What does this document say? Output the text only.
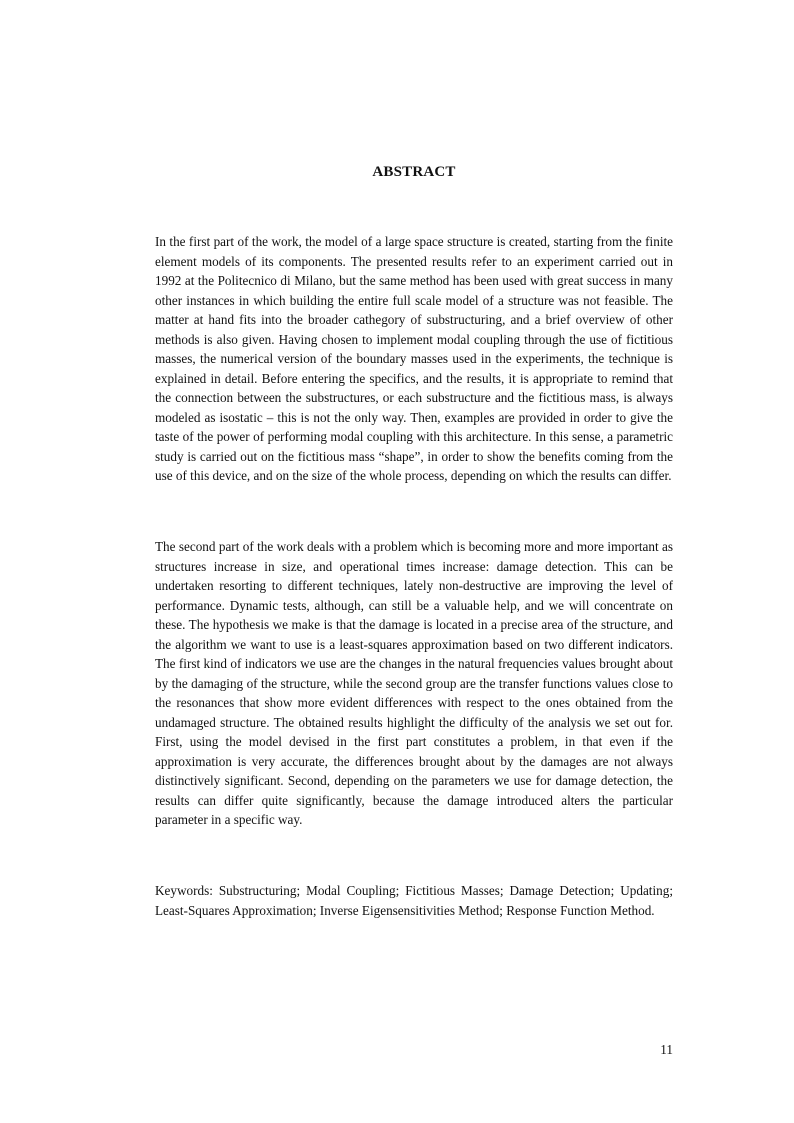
ABSTRACT

In the first part of the work, the model of a large space structure is created, starting from the finite element models of its components. The presented results refer to an experiment carried out in 1992 at the Politecnico di Milano, but the same method has been used with great success in many other instances in which building the entire full scale model of a structure was not feasible. The matter at hand fits into the broader cathegory of substructuring, and a brief overview of other methods is also given. Having chosen to implement modal coupling through the use of fictitious masses, the numerical version of the boundary masses used in the experiments, the technique is explained in detail. Before entering the specifics, and the results, it is appropriate to remind that the connection between the substructures, or each substructure and the fictitious mass, is always modeled as isostatic – this is not the only way. Then, examples are provided in order to give the taste of the power of performing modal coupling with this architecture. In this sense, a parametric study is carried out on the fictitious mass “shape”, in order to show the benefits coming from the use of this device, and on the size of the whole process, depending on which the results can differ.

The second part of the work deals with a problem which is becoming more and more important as structures increase in size, and operational times increase: damage detection. This can be undertaken resorting to different techniques, lately non-destructive are improving the level of performance. Dynamic tests, although, can still be a valuable help, and we will concentrate on these. The hypothesis we make is that the damage is located in a precise area of the structure, and the algorithm we want to use is a least-squares approximation based on two different indicators. The first kind of indicators we use are the changes in the natural frequencies values brought about by the damaging of the structure, while the second group are the transfer functions values close to the resonances that show more evident differences with respect to the ones obtained from the undamaged structure. The obtained results highlight the difficulty of the analysis we set out for. First, using the model devised in the first part constitutes a problem, in that even if the approximation is very accurate, the differences brought about by the damages are not always distinctively significant. Second, depending on the parameters we use for damage detection, the results can differ quite significantly, because the damage introduced alters the particular parameter in a specific way.

Keywords: Substructuring; Modal Coupling; Fictitious Masses; Damage Detection; Updating; Least-Squares Approximation; Inverse Eigensensitivities Method; Response Function Method.

11
